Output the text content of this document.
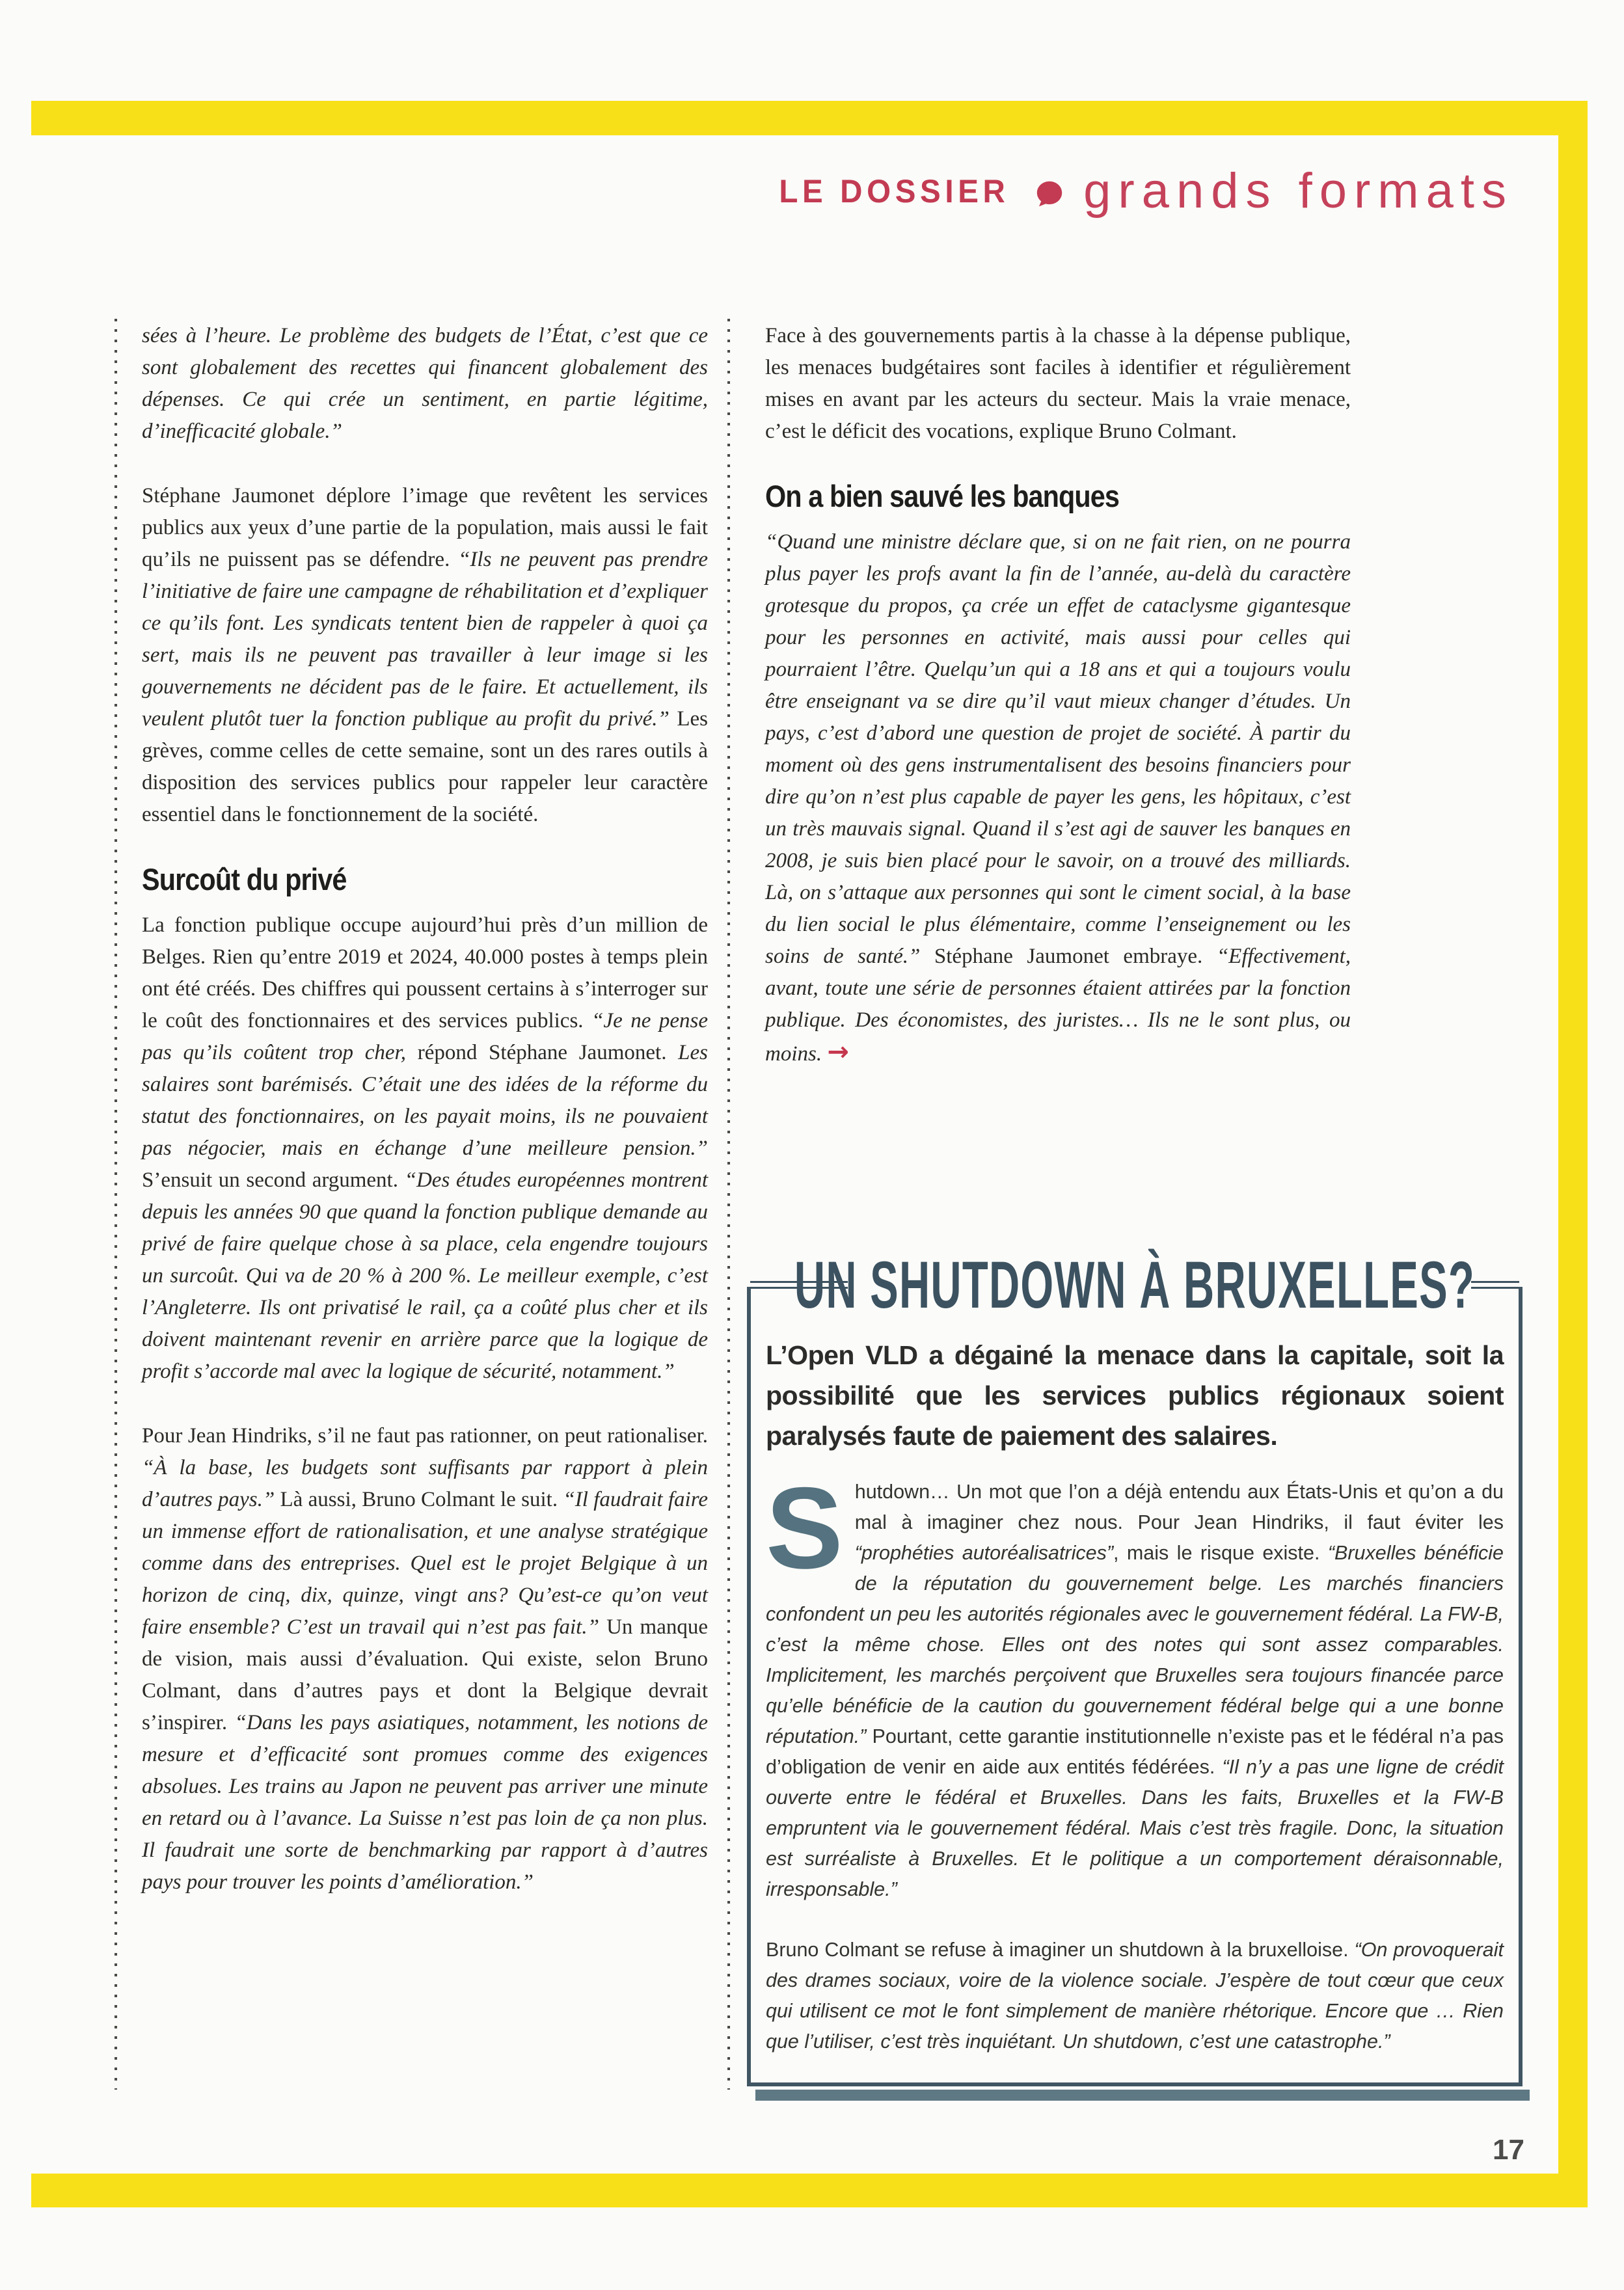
LE DOSSIER grands formats

sées à l’heure. Le problème des budgets de l’État, c’est que ce sont globalement des recettes qui financent globalement des dépenses. Ce qui crée un sentiment, en partie légitime, d’inefficacité globale.”

Stéphane Jaumonet déplore l’image que revêtent les services publics aux yeux d’une partie de la population, mais aussi le fait qu’ils ne puissent pas se défendre. “Ils ne peuvent pas prendre l’initiative de faire une campagne de réhabilitation et d’expliquer ce qu’ils font. Les syndicats tentent bien de rappeler à quoi ça sert, mais ils ne peuvent pas travailler à leur image si les gouvernements ne décident pas de le faire. Et actuellement, ils veulent plutôt tuer la fonction publique au profit du privé.” Les grèves, comme celles de cette semaine, sont un des rares outils à disposition des services publics pour rappeler leur caractère essentiel dans le fonctionnement de la société.

Surcoût du privé

La fonction publique occupe aujourd’hui près d’un million de Belges. Rien qu’entre 2019 et 2024, 40.000 postes à temps plein ont été créés. Des chiffres qui poussent certains à s’interroger sur le coût des fonctionnaires et des services publics. “Je ne pense pas qu’ils coûtent trop cher, répond Stéphane Jaumonet. Les salaires sont barémisés. C’était une des idées de la réforme du statut des fonctionnaires, on les payait moins, ils ne pouvaient pas négocier, mais en échange d’une meilleure pension.” S’ensuit un second argument. “Des études européennes montrent depuis les années 90 que quand la fonction publique demande au privé de faire quelque chose à sa place, cela engendre toujours un surcoût. Qui va de 20 % à 200 %. Le meilleur exemple, c’est l’Angleterre. Ils ont privatisé le rail, ça a coûté plus cher et ils doivent maintenant revenir en arrière parce que la logique de profit s’accorde mal avec la logique de sécurité, notamment.”

Pour Jean Hindriks, s’il ne faut pas rationner, on peut rationaliser. “À la base, les budgets sont suffisants par rapport à plein d’autres pays.” Là aussi, Bruno Colmant le suit. “Il faudrait faire un immense effort de rationalisation, et une analyse stratégique comme dans des entreprises. Quel est le projet Belgique à un horizon de cinq, dix, quinze, vingt ans? Qu’est-ce qu’on veut faire ensemble? C’est un travail qui n’est pas fait.” Un manque de vision, mais aussi d’évaluation. Qui existe, selon Bruno Colmant, dans d’autres pays et dont la Belgique devrait s’inspirer. “Dans les pays asiatiques, notamment, les notions de mesure et d’efficacité sont promues comme des exigences absolues. Les trains au Japon ne peuvent pas arriver une minute en retard ou à l’avance. La Suisse n’est pas loin de ça non plus. Il faudrait une sorte de benchmarking par rapport à d’autres pays pour trouver les points d’amélioration.”

Face à des gouvernements partis à la chasse à la dépense publique, les menaces budgétaires sont faciles à identifier et régulièrement mises en avant par les acteurs du secteur. Mais la vraie menace, c’est le déficit des vocations, explique Bruno Colmant.

On a bien sauvé les banques

“Quand une ministre déclare que, si on ne fait rien, on ne pourra plus payer les profs avant la fin de l’année, au-delà du caractère grotesque du propos, ça crée un effet de cataclysme gigantesque pour les personnes en activité, mais aussi pour celles qui pourraient l’être. Quelqu’un qui a 18 ans et qui a toujours voulu être enseignant va se dire qu’il vaut mieux changer d’études. Un pays, c’est d’abord une question de projet de société. À partir du moment où des gens instrumentalisent des besoins financiers pour dire qu’on n’est plus capable de payer les gens, les hôpitaux, c’est un très mauvais signal. Quand il s’est agi de sauver les banques en 2008, je suis bien placé pour le savoir, on a trouvé des milliards. Là, on s’attaque aux personnes qui sont le ciment social, à la base du lien social le plus élémentaire, comme l’enseignement ou les soins de santé.” Stéphane Jaumonet embraye. “Effectivement, avant, toute une série de personnes étaient attirées par la fonction publique. Des économistes, des juristes… Ils ne le sont plus, ou moins. →

UN SHUTDOWN À BRUXELLES?

L’Open VLD a dégainé la menace dans la capitale, soit la possibilité que les services publics régionaux soient paralysés faute de paiement des salaires.

Shutdown… Un mot que l’on a déjà entendu aux États-Unis et qu’on a du mal à imaginer chez nous. Pour Jean Hindriks, il faut éviter les “prophéties autoréalisatrices”, mais le risque existe. “Bruxelles bénéficie de la réputation du gouvernement belge. Les marchés financiers confondent un peu les autorités régionales avec le gouvernement fédéral. La FW-B, c’est la même chose. Elles ont des notes qui sont assez comparables. Implicitement, les marchés perçoivent que Bruxelles sera toujours financée parce qu’elle bénéficie de la caution du gouvernement fédéral belge qui a une bonne réputation.” Pourtant, cette garantie institutionnelle n’existe pas et le fédéral n’a pas d’obligation de venir en aide aux entités fédérées. “Il n’y a pas une ligne de crédit ouverte entre le fédéral et Bruxelles. Dans les faits, Bruxelles et la FW-B empruntent via le gouvernement fédéral. Mais c’est très fragile. Donc, la situation est surréaliste à Bruxelles. Et le politique a un comportement déraisonnable, irresponsable.”

Bruno Colmant se refuse à imaginer un shutdown à la bruxelloise. “On provoquerait des drames sociaux, voire de la violence sociale. J’espère de tout cœur que ceux qui utilisent ce mot le font simplement de manière rhétorique. Encore que … Rien que l’utiliser, c’est très inquiétant. Un shutdown, c’est une catastrophe.”

17
